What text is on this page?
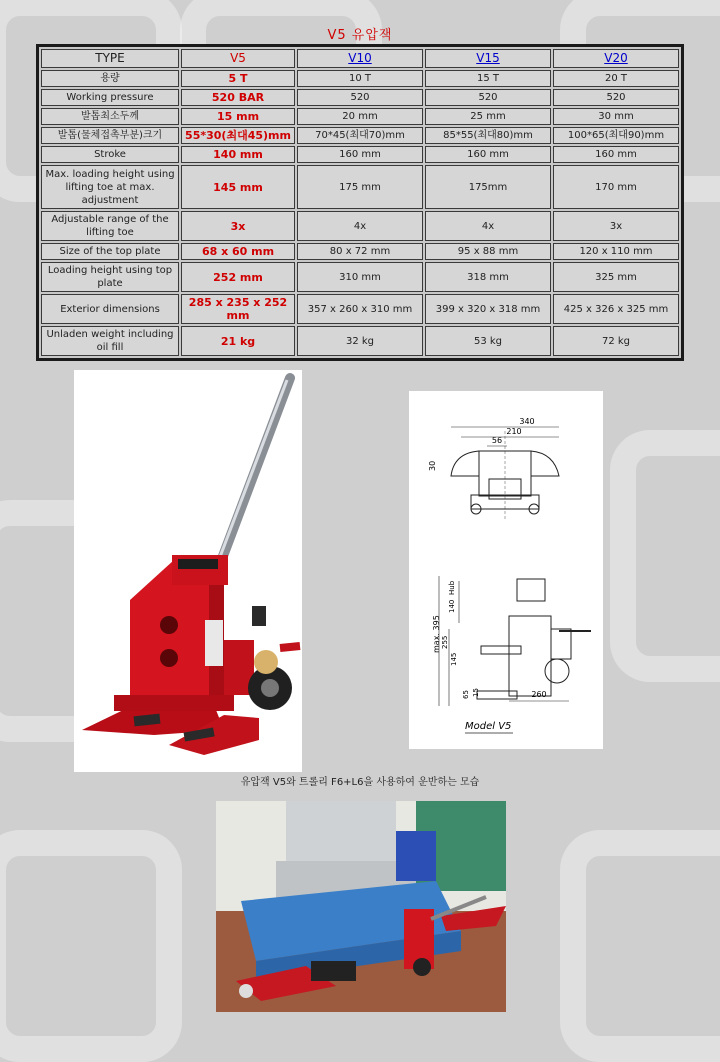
V5 유압잭
TYPE	V5	V10	V15	V20
용량	5 T	10 T	15 T	20 T
Working pressure	520 BAR	520	520	520
발톱최소두께	15 mm	20 mm	25 mm	30 mm
발톱(물체접촉부분)크기	55*30(최대45)mm	70*45(최대70)mm	85*55(최대80)mm	100*65(최대90)mm
Stroke	140 mm	160 mm	160 mm	160 mm
Max. loading height using lifting toe at max. adjustment	145 mm	175 mm	175mm	170 mm
Adjustable range of the lifting toe	3x	4x	4x	3x
Size of the top plate	68 x 60 mm	80 x 72 mm	95 x 88 mm	120 x 110 mm
Loading height using top plate	252 mm	310 mm	318 mm	325 mm
Exterior dimensions	285 x 235 x 252 mm	357 x 260 x 310 mm	399 x 320 x 318 mm	425 x 326 x 325 mm
Unladen weight including oil fill	21 kg	32 kg	53 kg	72 kg
340
210
56
30
Hub
140
max. 395 255
145
65 15	260
Model V5
유압잭 V5와 트롤리 F6+L6을 사용하여 운반하는 모습
